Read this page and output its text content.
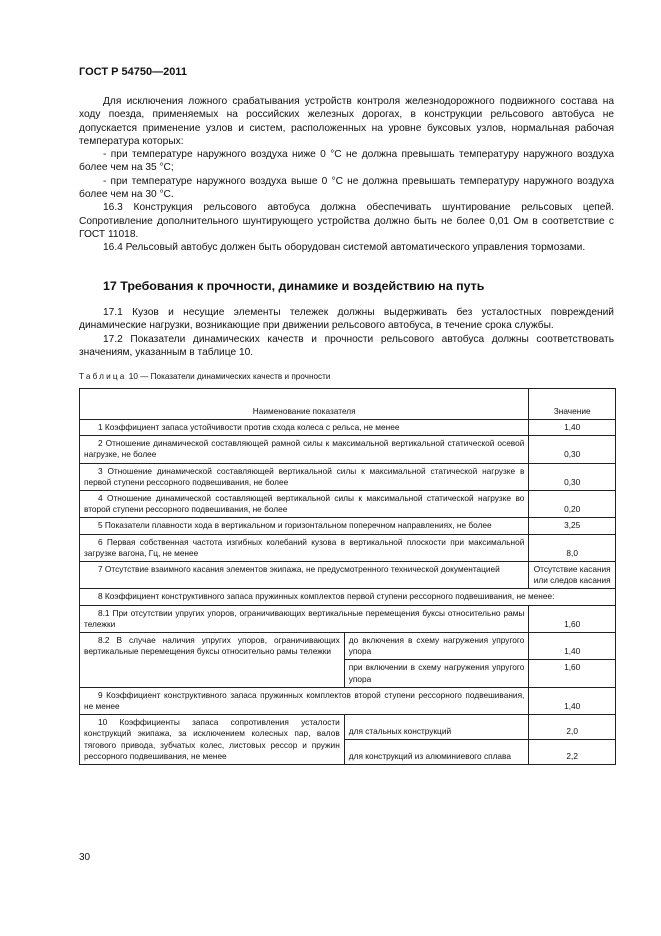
ГОСТ Р 54750—2011

Для исключения ложного срабатывания устройств контроля железнодорожного подвижного состава на ходу поезда, применяемых на российских железных дорогах, в конструкции рельсового автобуса не допускается применение узлов и систем, расположенных на уровне буксовых узлов, нормальная рабочая температура которых:

- при температуре наружного воздуха ниже 0 °С не должна превышать температуру наружного воздуха более чем на 35 °С;

- при температуре наружного воздуха выше 0 °С не должна превышать температуру наружного воздуха более чем на 30 °С.

16.3 Конструкция рельсового автобуса должна обеспечивать шунтирование рельсовых цепей. Сопротивление дополнительного шунтирующего устройства должно быть не более 0,01 Ом в соответствие с ГОСТ 11018.

16.4 Рельсовый автобус должен быть оборудован системой автоматического управления тормозами.

17 Требования к прочности, динамике и воздействию на путь

17.1 Кузов и несущие элементы тележек должны выдерживать без усталостных повреждений динамические нагрузки, возникающие при движении рельсового автобуса, в течение срока службы.

17.2 Показатели динамических качеств и прочности рельсового автобуса должны соответствовать значениям, указанным в таблице 10.

Таблица 10 — Показатели динамических качеств и прочности
Наименование показателя		Значение
1 Коэффициент запаса устойчивости против схода колеса с рельса, не менее		1,40
2 Отношение динамической составляющей рамной силы к максимальной вертикальной статической осевой нагрузке, не более		0,30
3 Отношение динамической составляющей вертикальной силы к максимальной статической нагрузке в первой ступени рессорного подвешивания, не более		0,30
4 Отношение динамической составляющей вертикальной силы к максимальной статической нагрузке во второй ступени рессорного подвешивания, не более		0,20
5 Показатели плавности хода в вертикальном и горизонтальном поперечном направлениях, не более		3,25
6 Первая собственная частота изгибных колебаний кузова в вертикальной плоскости при максимальной загрузке вагона, Гц, не менее		8,0
7 Отсутствие взаимного касания элементов экипажа, не предусмотренного технической документацией		Отсутствие касания или следов касания
8 Коэффициент конструктивного запаса пружинных комплектов первой ступени рессорного подвешивания, не менее:		
8.1 При отсутствии упругих упоров, ограничивающих вертикальные перемещения буксы относительно рамы тележки		1,60
8.2 В случае наличия упругих упоров, ограничивающих вертикальные перемещения буксы относительно рамы тележки	до включения в схему нагружения упругого упора	1,40
	при включении в схему нагружения упругого упора	1,60
9 Коэффициент конструктивного запаса пружинных комплектов второй ступени рессорного подвешивания, не менее		1,40
10 Коэффициенты запаса сопротивления усталости конструкций экипажа, за исключением колесных пар, валов тягового привода, зубчатых колес, листовых рессор и пружин рессорного подвешивания, не менее	для стальных конструкций	2,0
	для конструкций из алюминиевого сплава	2,2
30
